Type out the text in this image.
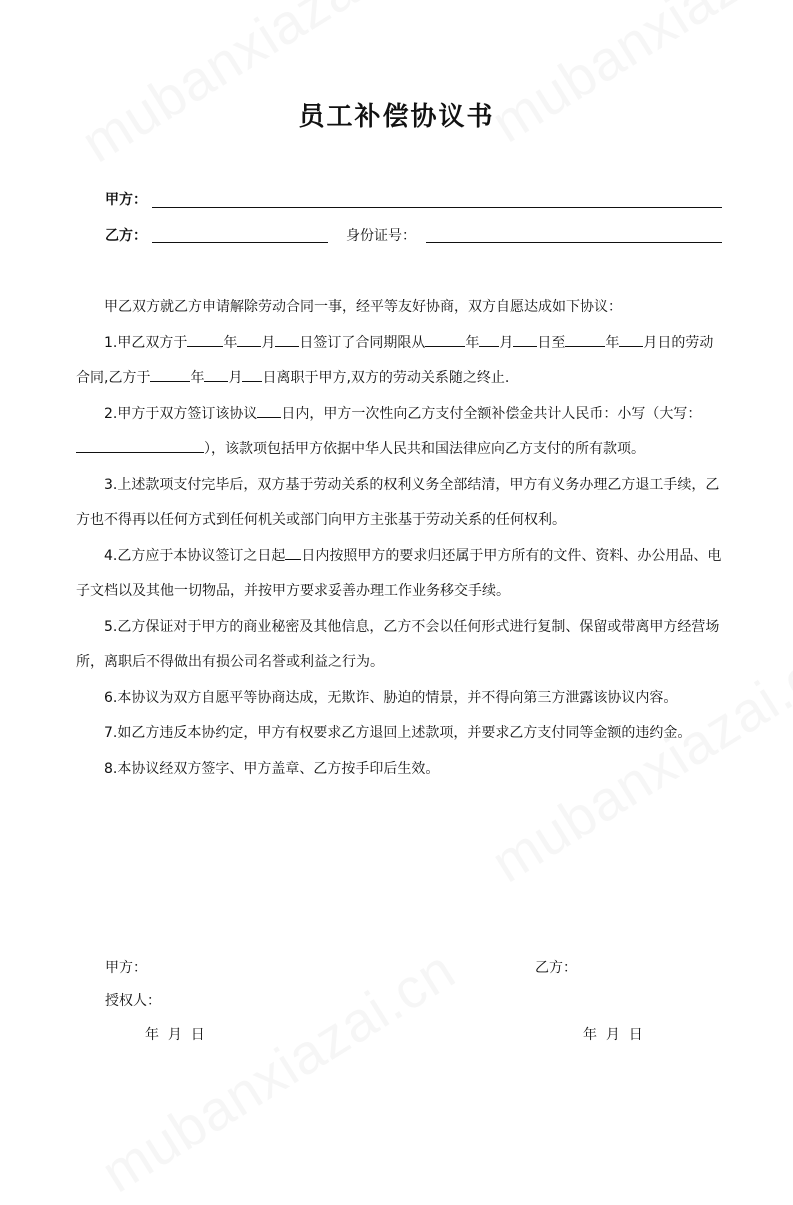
员工补偿协议书
甲方：
乙方：	身份证号：

甲乙双方就乙方申请解除劳动合同一事，经平等友好协商，双方自愿达成如下协议：

1.甲乙双方于	年 月 日签订了合同期限从	年 月 日至	年 月日的劳动合同,乙方于	年 月 日离职于甲方,双方的劳动关系随之终止.

2.甲方于双方签订该协议 日内，甲方一次性向乙方支付全额补偿金共计人民币：小写（大写：），该款项包括甲方依据中华人民共和国法律应向乙方支付的所有款项。

3.上述款项支付完毕后，双方基于劳动关系的权利义务全部结清，甲方有义务办理乙方退工手续，乙方也不得再以任何方式到任何机关或部门向甲方主张基于劳动关系的任何权利。

4.乙方应于本协议签订之日起 日内按照甲方的要求归还属于甲方所有的文件、资料、办公用品、电子文档以及其他一切物品，并按甲方要求妥善办理工作业务移交手续。

5.乙方保证对于甲方的商业秘密及其他信息，乙方不会以任何形式进行复制、保留或带离甲方经营场所，离职后不得做出有损公司名誉或利益之行为。

6.本协议为双方自愿平等协商达成，无欺诈、胁迫的情景，并不得向第三方泄露该协议内容。

7.如乙方违反本协约定，甲方有权要求乙方退回上述款项，并要求乙方支付同等金额的违约金。

8.本协议经双方签字、甲方盖章、乙方按手印后生效。

甲方：	乙方：
授权人：
年  月  日	年  月  日
